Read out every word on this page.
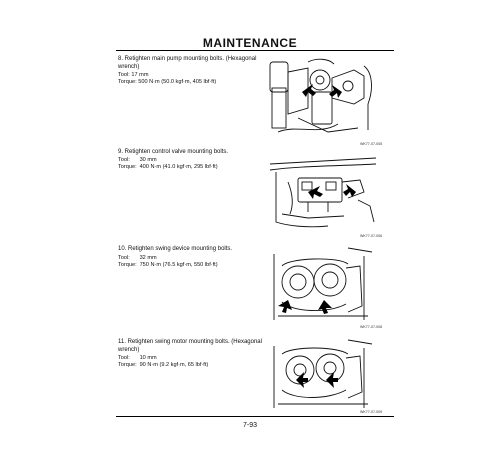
MAINTENANCE
8. Retighten main pump mounting bolts. (Hexagonal wrench)
Tool: 17 mm
Torque: 500 N·m (50.0 kgf·m, 405 lbf·ft)
WK77-07-005
9. Retighten control valve mounting bolts.
Tool: 30 mm
Torque: 400 N·m (41.0 kgf·m, 295 lbf·ft)
WK77-07-006
10. Retighten swing device mounting bolts.
Tool: 32 mm
Torque: 750 N·m (76.5 kgf·m, 550 lbf·ft)
WK77-07-008
11. Retighten swing motor mounting bolts. (Hexagonal wrench)
Tool: 10 mm
Torque: 90 N·m (9.2 kgf·m, 65 lbf·ft)
WK77-07-009
7-93
